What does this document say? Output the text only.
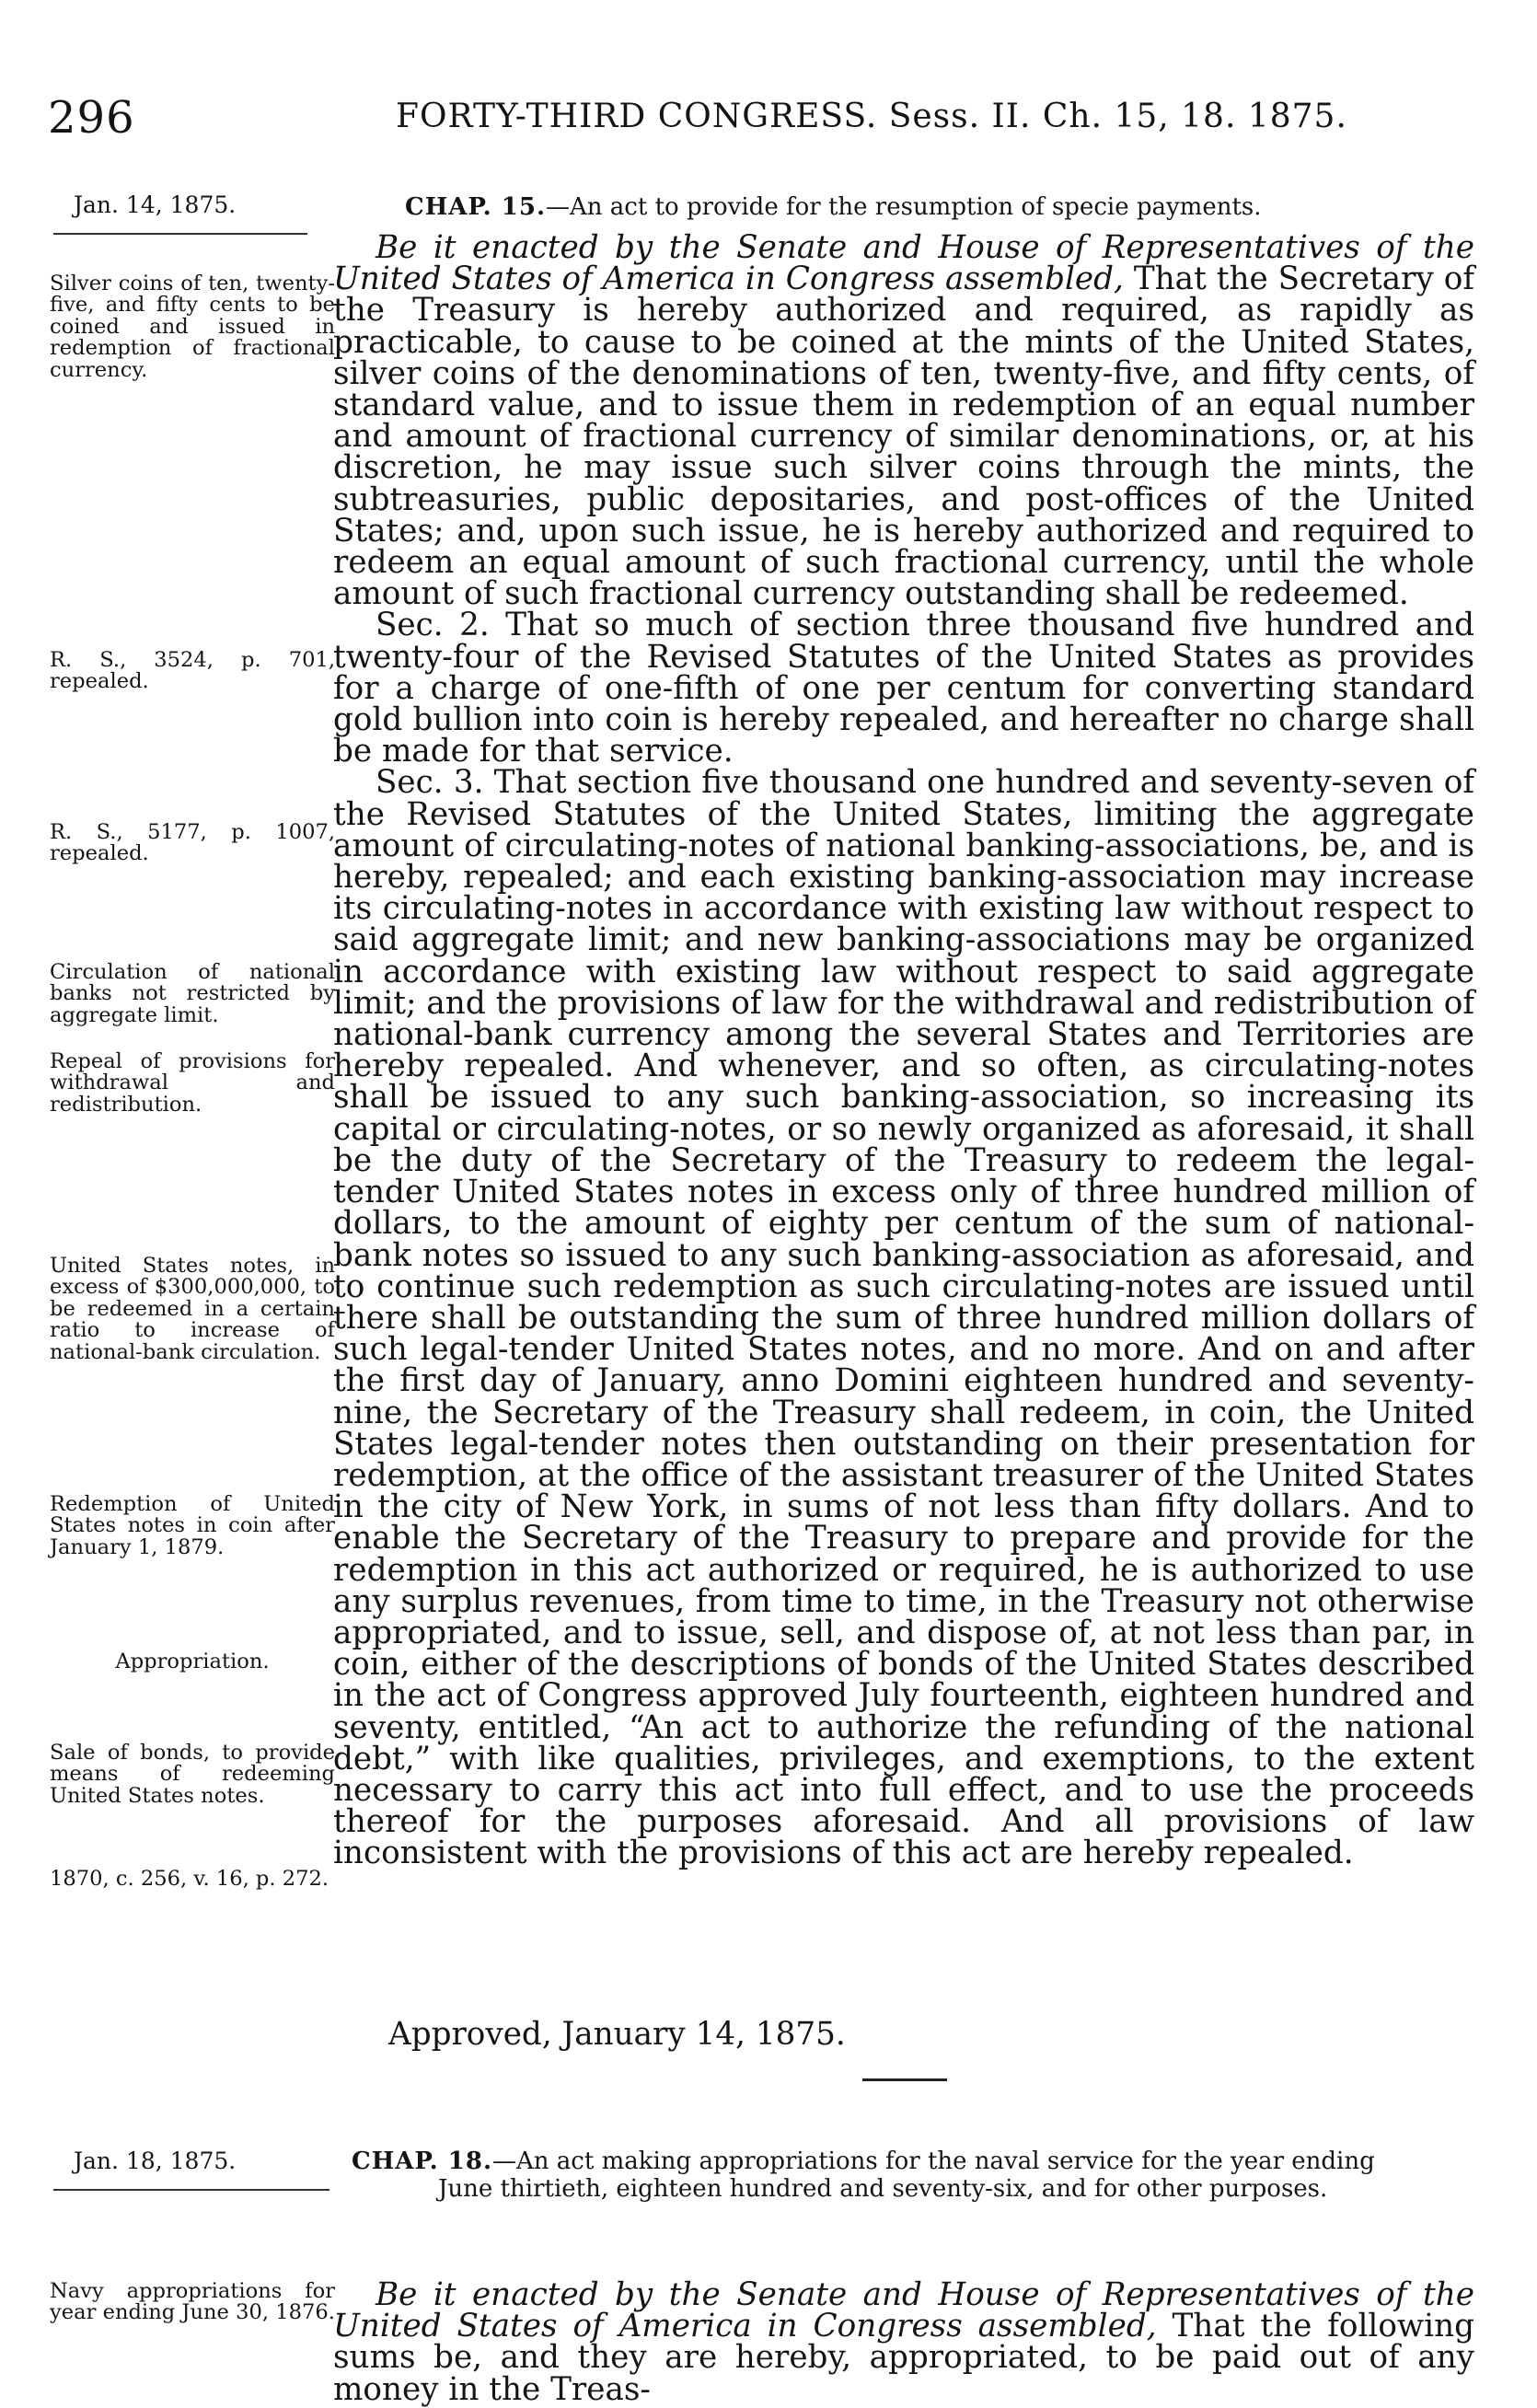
296	FORTY-THIRD CONGRESS. Sess. II. Ch. 15, 18. 1875.
Jan. 14, 1875.	CHAP. 15.—An act to provide for the resumption of specie payments.

Be it enacted by the Senate and House of Representatives of the United States of America in Congress assembled, That the Secretary of the Treasury is hereby authorized and required, as rapidly as practicable, to cause to be coined at the mints of the United States, silver coins of the denominations of ten, twenty-five, and fifty cents, of standard value, and to issue them in redemption of an equal number and amount of fractional currency of similar denominations, or, at his discretion, he may issue such silver coins through the mints, the subtreasuries, public depositaries, and post-offices of the United States; and, upon such issue, he is hereby authorized and required to redeem an equal amount of such fractional currency, until the whole amount of such fractional currency outstanding shall be redeemed.

Sec. 2. That so much of section three thousand five hundred and twenty-four of the Revised Statutes of the United States as provides for a charge of one-fifth of one per centum for converting standard gold bullion into coin is hereby repealed, and hereafter no charge shall be made for that service.

Sec. 3. That section five thousand one hundred and seventy-seven of the Revised Statutes of the United States, limiting the aggregate amount of circulating-notes of national banking-associations, be, and is hereby, repealed; and each existing banking-association may increase its circulating-notes in accordance with existing law without respect to said aggregate limit; and new banking-associations may be organized in accordance with existing law without respect to said aggregate limit; and the provisions of law for the withdrawal and redistribution of national-bank currency among the several States and Territories are hereby repealed. And whenever, and so often, as circulating-notes shall be issued to any such banking-association, so increasing its capital or circulating-notes, or so newly organized as aforesaid, it shall be the duty of the Secretary of the Treasury to redeem the legal-tender United States notes in excess only of three hundred million of dollars, to the amount of eighty per centum of the sum of national-bank notes so issued to any such banking-association as aforesaid, and to continue such redemption as such circulating-notes are issued until there shall be outstanding the sum of three hundred million dollars of such legal-tender United States notes, and no more. And on and after the first day of January, anno Domini eighteen hundred and seventy-nine, the Secretary of the Treasury shall redeem, in coin, the United States legal-tender notes then outstanding on their presentation for redemption, at the office of the assistant treasurer of the United States in the city of New York, in sums of not less than fifty dollars. And to enable the Secretary of the Treasury to prepare and provide for the redemption in this act authorized or required, he is authorized to use any surplus revenues, from time to time, in the Treasury not otherwise appropriated, and to issue, sell, and dispose of, at not less than par, in coin, either of the descriptions of bonds of the United States described in the act of Congress approved July fourteenth, eighteen hundred and seventy, entitled, “An act to authorize the refunding of the national debt,” with like qualities, privileges, and exemptions, to the extent necessary to carry this act into full effect, and to use the proceeds thereof for the purposes aforesaid. And all provisions of law inconsistent with the provisions of this act are hereby repealed.

Approved, January 14, 1875.
Silver coins of ten, twenty-five, and fifty cents to be coined and issued in redemption of fractional currency.
R. S., 3524, p. 701, repealed.
R. S., 5177, p. 1007, repealed.
Circulation of national banks not restricted by aggregate limit.
Repeal of provisions for withdrawal and redistribution.
United States notes, in excess of $300,000,000, to be redeemed in a certain ratio to increase of national-bank circulation.
Redemption of United States notes in coin after January 1, 1879.
Appropriation.
Sale of bonds, to provide means of redeeming United States notes.
1870, c. 256, v. 16, p. 272.
Jan. 18, 1875.	CHAP. 18.—An act making appropriations for the naval service for the year ending
June thirtieth, eighteen hundred and seventy-six, and for other purposes.
Navy appropriations for year ending June 30, 1876.	Be it enacted by the Senate and House of Representatives of the United States of America in Congress assembled, That the following sums be, and they are hereby, appropriated, to be paid out of any money in the Treas-
